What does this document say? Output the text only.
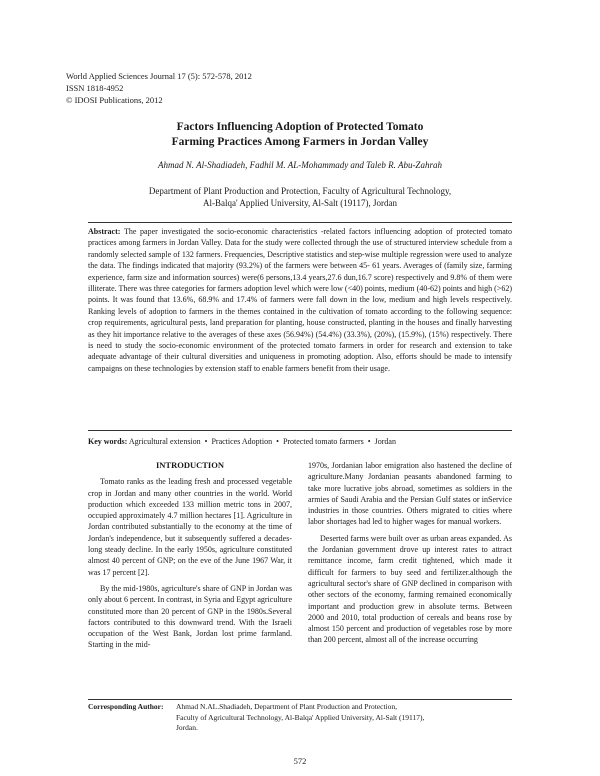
World Applied Sciences Journal 17 (5): 572-578, 2012
ISSN 1818-4952
© IDOSI Publications, 2012
Factors Influencing Adoption of Protected Tomato
Farming Practices Among Farmers in Jordan Valley
Ahmad N. Al-Shadiadeh, Fadhil M. AL-Mohammady and Taleb R. Abu-Zahrah
Department of Plant Production and Protection, Faculty of Agricultural Technology,
Al-Balqa' Applied University, Al-Salt (19117), Jordan
Abstract: The paper investigated the socio-economic characteristics -related factors influencing adoption of protected tomato practices among farmers in Jordan Valley. Data for the study were collected through the use of structured interview schedule from a randomly selected sample of 132 farmers. Frequencies, Descriptive statistics and step-wise multiple regression were used to analyze the data. The findings indicated that majority (93.2%) of the farmers were between 45- 61 years. Averages of (family size, farming experience, farm size and information sources) were(6 persons,13.4 years,27.6 dun,16.7 score) respectively and 9.8% of them were illiterate. There was three categories for farmers adoption level which were low (<40) points, medium (40-62) points and high (>62) points. It was found that 13.6%, 68.9% and 17.4% of farmers were fall down in the low, medium and high levels respectively. Ranking levels of adoption to farmers in the themes contained in the cultivation of tomato according to the following sequence: crop requirements, agricultural pests, land preparation for planting, house constructed, planting in the houses and finally harvesting as they hit importance relative to the averages of these axes (56.94%) (54.4%) (33.3%), (20%), (15.9%), (15%) respectively. There is need to study the socio-economic environment of the protected tomato farmers in order for research and extension to take adequate advantage of their cultural diversities and uniqueness in promoting adoption. Also, efforts should be made to intensify campaigns on these technologies by extension staff to enable farmers benefit from their usage.
Key words: Agricultural extension • Practices Adoption • Protected tomato farmers • Jordan

INTRODUCTION

Tomato ranks as the leading fresh and processed vegetable crop in Jordan and many other countries in the world. World production which exceeded 133 million metric tons in 2007, occupied approximately 4.7 million hectares [1]. Agriculture in Jordan contributed substantially to the economy at the time of Jordan's independence, but it subsequently suffered a decades-long steady decline. In the early 1950s, agriculture constituted almost 40 percent of GNP; on the eve of the June 1967 War, it was 17 percent [2].

By the mid-1980s, agriculture's share of GNP in Jordan was only about 6 percent. In contrast, in Syria and Egypt agriculture constituted more than 20 percent of GNP in the 1980s.Several factors contributed to this downward trend. With the Israeli occupation of the West Bank, Jordan lost prime farmland. Starting in the mid-

1970s, Jordanian labor emigration also hastened the decline of agriculture.Many Jordanian peasants abandoned farming to take more lucrative jobs abroad, sometimes as soldiers in the armies of Saudi Arabia and the Persian Gulf states or inService industries in those countries. Others migrated to cities where labor shortages had led to higher wages for manual workers.

Deserted farms were built over as urban areas expanded. As the Jordanian government drove up interest rates to attract remittance income, farm credit tightened, which made it difficult for farmers to buy seed and fertilizer.although the agricultural sector's share of GNP declined in comparison with other sectors of the economy, farming remained economically important and production grew in absolute terms. Between 2000 and 2010, total production of cereals and beans rose by almost 150 percent and production of vegetables rose by more than 200 percent, almost all of the increase occurring

Corresponding Author: Ahmad N.AL.Shadiadeh, Department of Plant Production and Protection,
Faculty of Agricultural Technology, Al-Balqa' Applied University, Al-Salt (19117),
Jordan.
572
